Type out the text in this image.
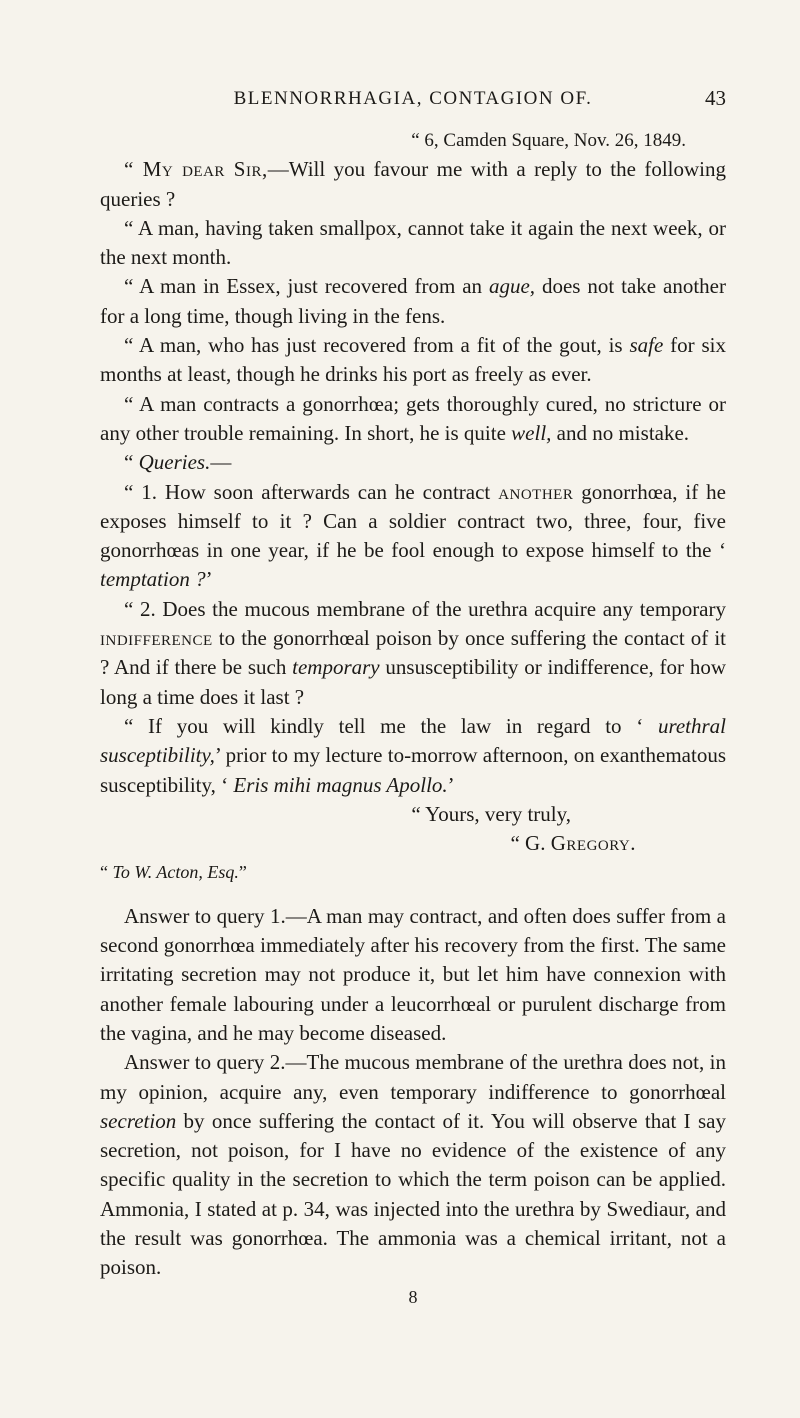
BLENNORRHAGIA, CONTAGION OF.	43

“ 6, Camden Square, Nov. 26, 1849.

“ My dear Sir,—Will you favour me with a reply to the following queries ?

“ A man, having taken smallpox, cannot take it again the next week, or the next month.

“ A man in Essex, just recovered from an ague, does not take another for a long time, though living in the fens.

“ A man, who has just recovered from a fit of the gout, is safe for six months at least, though he drinks his port as freely as ever.

“ A man contracts a gonorrhœa; gets thoroughly cured, no stricture or any other trouble remaining. In short, he is quite well, and no mistake.

“ Queries.—

“ 1. How soon afterwards can he contract another gonorrhœa, if he exposes himself to it ? Can a soldier contract two, three, four, five gonorrhœas in one year, if he be fool enough to expose himself to the ‘ temptation ?’

“ 2. Does the mucous membrane of the urethra acquire any temporary indifference to the gonorrhœal poison by once suffering the contact of it ? And if there be such temporary unsusceptibility or indifference, for how long a time does it last ?

“ If you will kindly tell me the law in regard to ‘ urethral susceptibility,’ prior to my lecture to-morrow afternoon, on exanthematous susceptibility, ‘ Eris mihi magnus Apollo.’

“ Yours, very truly,

“ G. Gregory.

“ To W. Acton, Esq.”

Answer to query 1.—A man may contract, and often does suffer from a second gonorrhœa immediately after his recovery from the first. The same irritating secretion may not produce it, but let him have connexion with another female labouring under a leucorrhœal or purulent discharge from the vagina, and he may become diseased.

Answer to query 2.—The mucous membrane of the urethra does not, in my opinion, acquire any, even temporary indifference to gonorrhœal secretion by once suffering the contact of it. You will observe that I say secretion, not poison, for I have no evidence of the existence of any specific quality in the secretion to which the term poison can be applied. Ammonia, I stated at p. 34, was injected into the urethra by Swediaur, and the result was gonorrhœa. The ammonia was a chemical irritant, not a poison.

8
